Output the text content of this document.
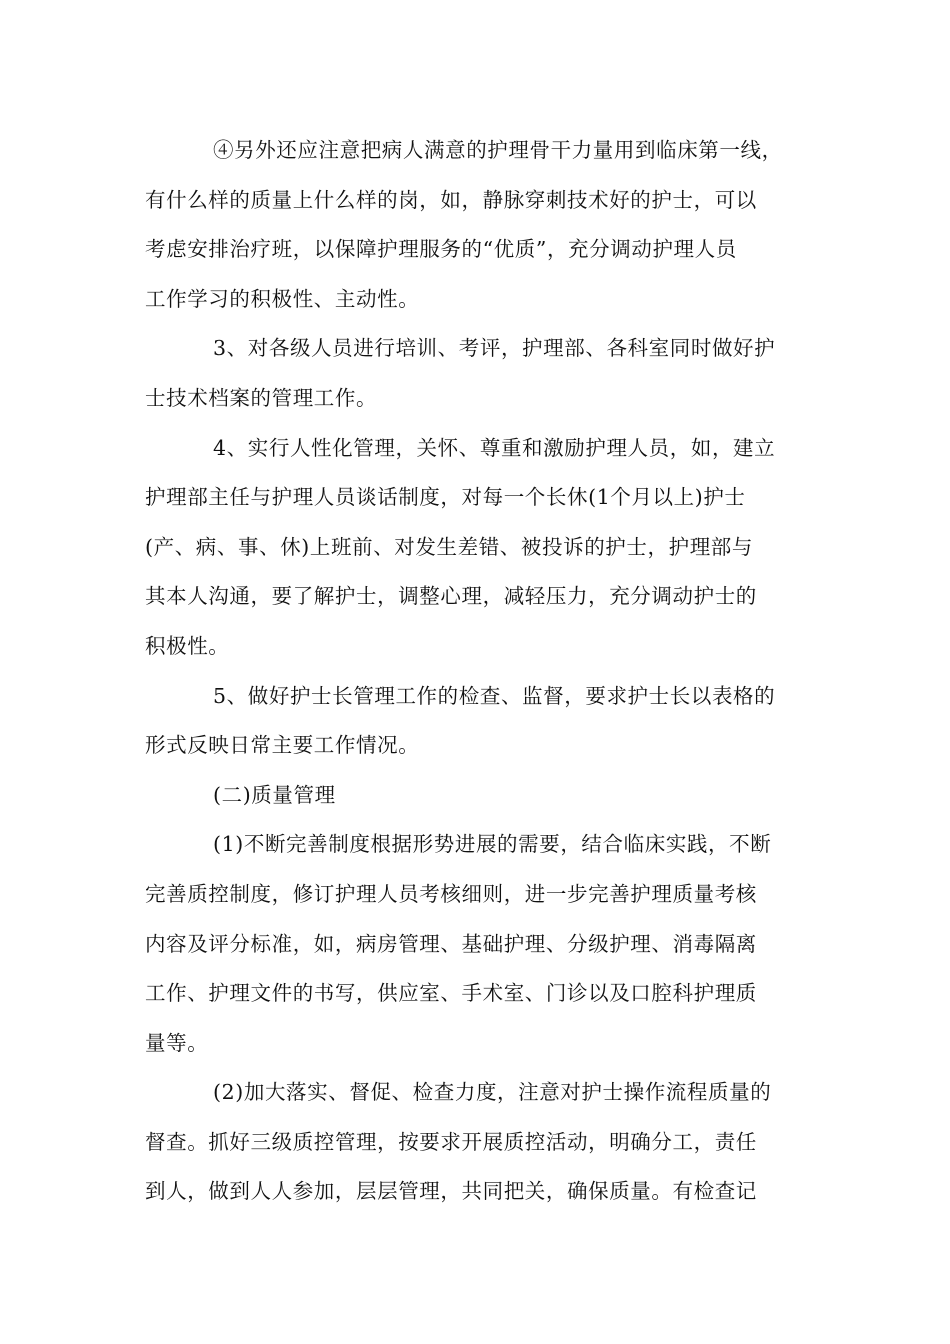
④另外还应注意把病人满意的护理骨干力量用到临床第一线，
有什么样的质量上什么样的岗，如，静脉穿刺技术好的护士，可以
考虑安排治疗班，以保障护理服务的“优质”，充分调动护理人员
工作学习的积极性、主动性。
3、对各级人员进行培训、考评，护理部、各科室同时做好护
士技术档案的管理工作。
4、实行人性化管理，关怀、尊重和激励护理人员，如，建立
护理部主任与护理人员谈话制度，对每一个长休(1个月以上)护士
(产、病、事、休)上班前、对发生差错、被投诉的护士，护理部与
其本人沟通，要了解护士，调整心理，减轻压力，充分调动护士的
积极性。
5、做好护士长管理工作的检查、监督，要求护士长以表格的
形式反映日常主要工作情况。
(二)质量管理
(1)不断完善制度根据形势进展的需要，结合临床实践，不断
完善质控制度，修订护理人员考核细则，进一步完善护理质量考核
内容及评分标准，如，病房管理、基础护理、分级护理、消毒隔离
工作、护理文件的书写，供应室、手术室、门诊以及口腔科护理质
量等。
(2)加大落实、督促、检查力度，注意对护士操作流程质量的
督查。抓好三级质控管理，按要求开展质控活动，明确分工，责任
到人，做到人人参加，层层管理，共同把关，确保质量。有检查记
